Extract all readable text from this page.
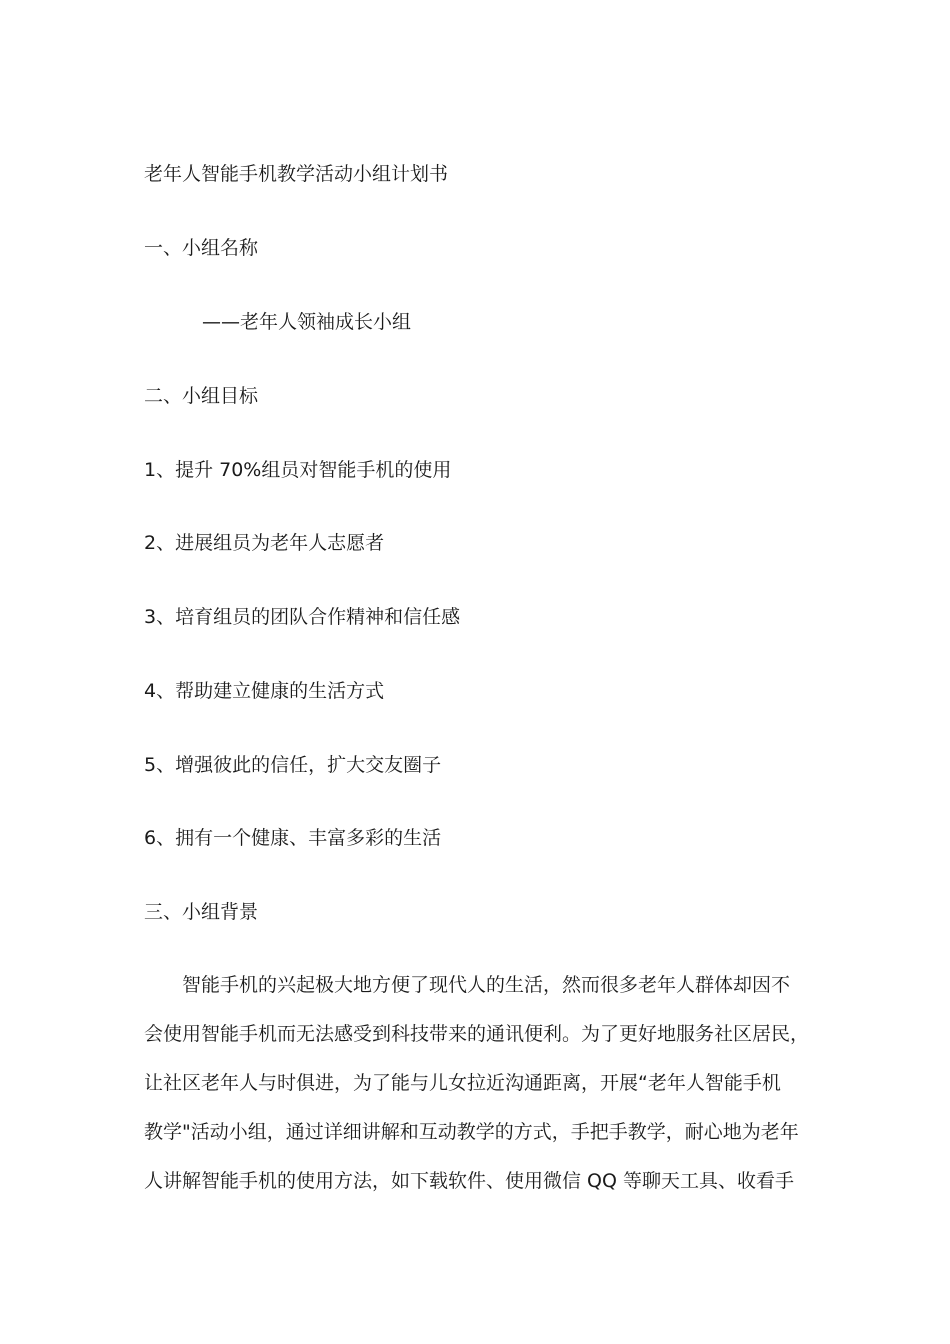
老年人智能手机教学活动小组计划书
一、小组名称
——老年人领袖成长小组
二、小组目标
1、提升 70%组员对智能手机的使用
2、进展组员为老年人志愿者
3、培育组员的团队合作精神和信任感
4、帮助建立健康的生活方式
5、增强彼此的信任，扩大交友圈子
6、拥有一个健康、丰富多彩的生活
三、小组背景
智能手机的兴起极大地方便了现代人的生活，然而很多老年人群体却因不
会使用智能手机而无法感受到科技带来的通讯便利。为了更好地服务社区居民，
让社区老年人与时俱进，为了能与儿女拉近沟通距离，开展“老年人智能手机
教学"活动小组，通过详细讲解和互动教学的方式，手把手教学，耐心地为老年
人讲解智能手机的使用方法，如下载软件、使用微信 QQ 等聊天工具、收看手
